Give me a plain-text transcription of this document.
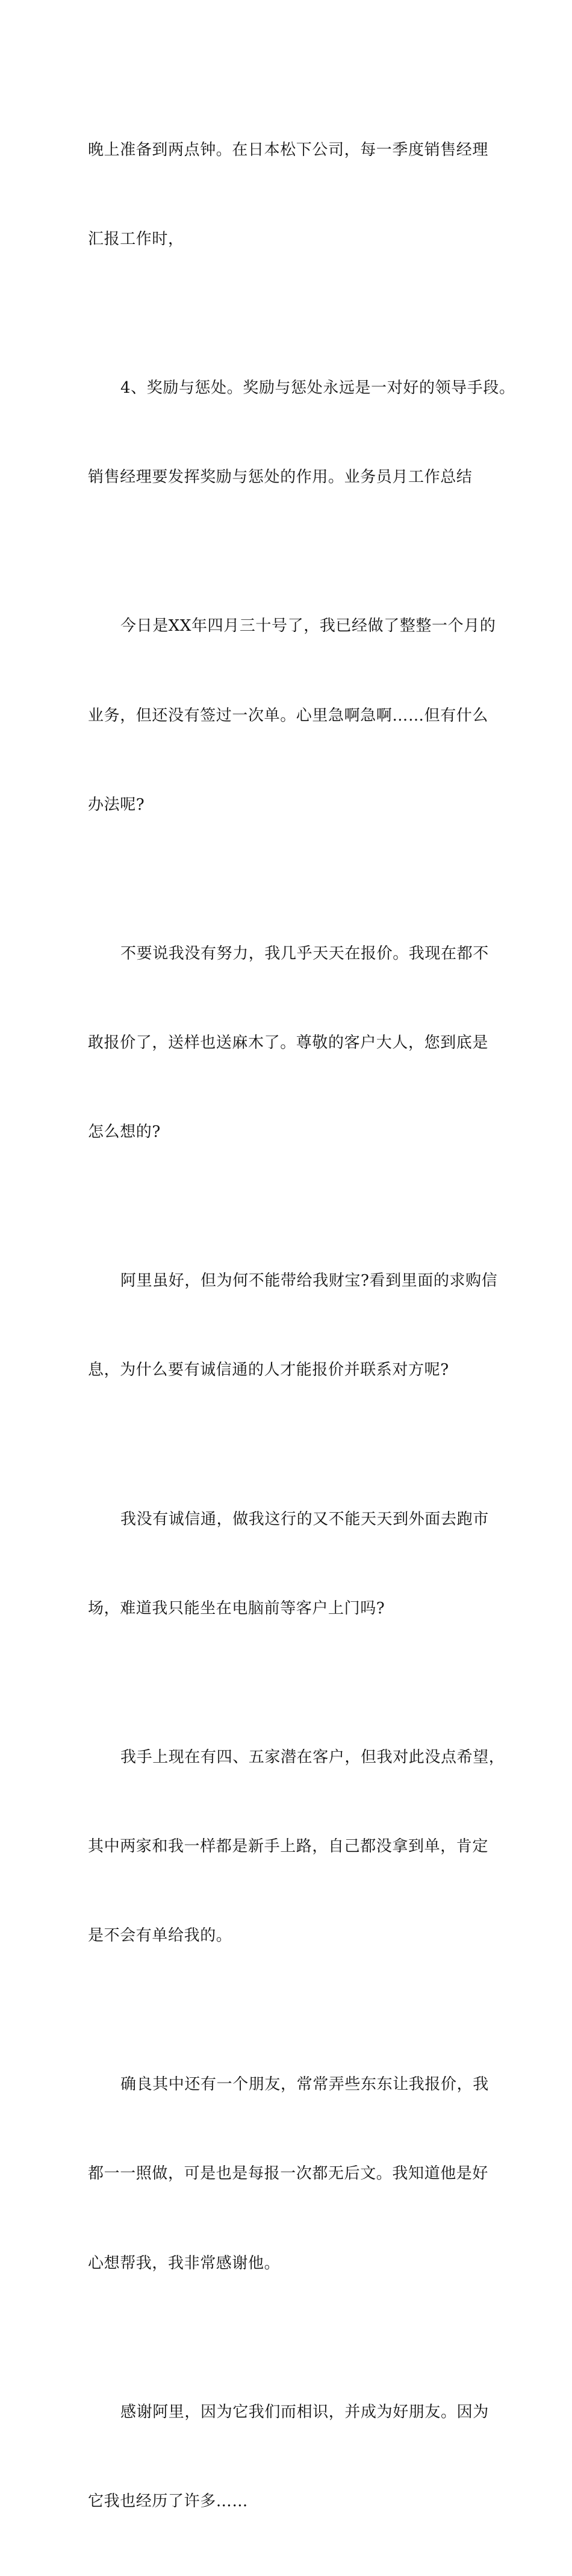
晚上准备到两点钟。在日本松下公司，每一季度销售经理

汇报工作时，

4、奖励与惩处。奖励与惩处永远是一对好的领导手段。

销售经理要发挥奖励与惩处的作用。业务员月工作总结

今日是XX年四月三十号了，我已经做了整整一个月的

业务，但还没有签过一次单。心里急啊急啊……但有什么

办法呢?

不要说我没有努力，我几乎天天在报价。我现在都不

敢报价了，送样也送麻木了。尊敬的客户大人，您到底是

怎么想的?

阿里虽好，但为何不能带给我财宝?看到里面的求购信

息，为什么要有诚信通的人才能报价并联系对方呢?

我没有诚信通，做我这行的又不能天天到外面去跑市

场，难道我只能坐在电脑前等客户上门吗?

我手上现在有四、五家潜在客户，但我对此没点希望，

其中两家和我一样都是新手上路，自己都没拿到单，肯定

是不会有单给我的。

确良其中还有一个朋友，常常弄些东东让我报价，我

都一一照做，可是也是每报一次都无后文。我知道他是好

心想帮我，我非常感谢他。

感谢阿里，因为它我们而相识，并成为好朋友。因为

它我也经历了许多……
